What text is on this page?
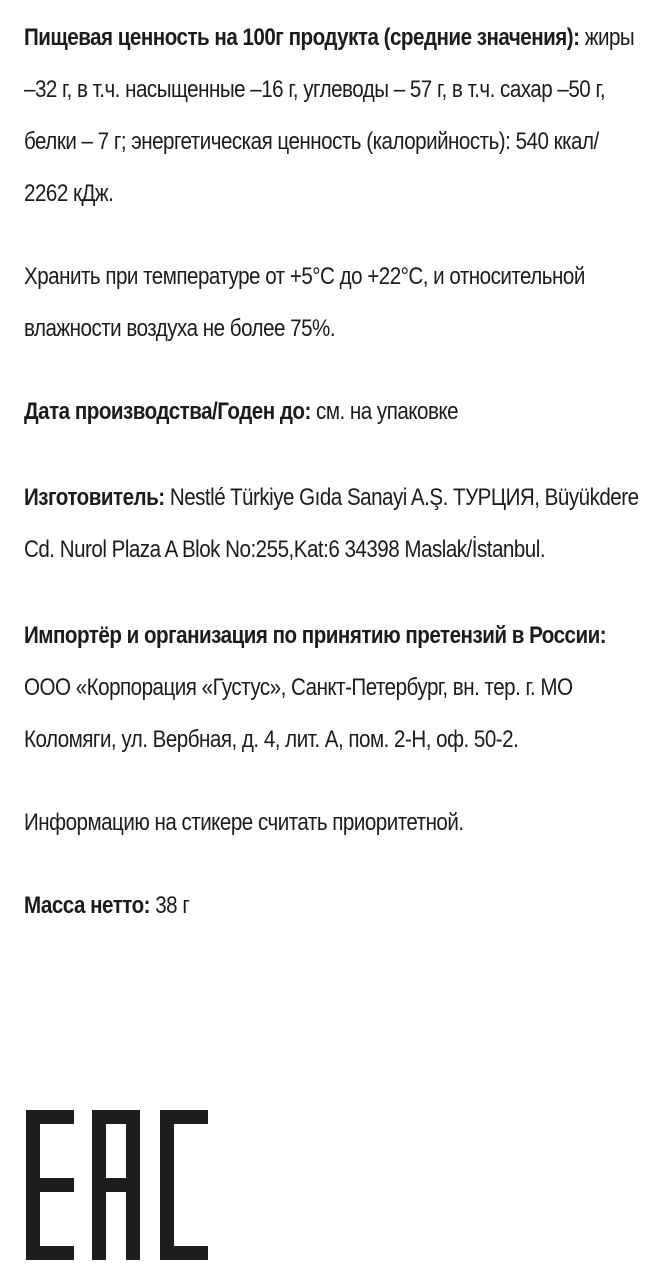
Пищевая ценность на 100г продукта (средние значения): жиры –32 г, в т.ч. насыщенные –16 г, углеводы – 57 г, в т.ч. сахар –50 г, белки – 7 г; энергетическая ценность (калорийность): 540 ккал/ 2262 кДж.

Хранить при температуре от +5°С до +22°С, и относительной влажности воздуха не более 75%.

Дата производства/Годен до: см. на упаковке

Изготовитель: Nestlé Türkiye Gıda Sanayi A.Ş. ТУРЦИЯ, Büyükdere Cd. Nurol Plaza A Blok No:255,Kat:6 34398 Maslak/İstanbul.

Импортёр и организация по принятию претензий в России: ООО «Корпорация «Густус», Санкт-Петербург, вн. тер. г. МО Коломяги, ул. Вербная, д. 4, лит. А, пом. 2-Н, оф. 50-2.

Информацию на стикере считать приоритетной.

Масса нетто: 38 г
